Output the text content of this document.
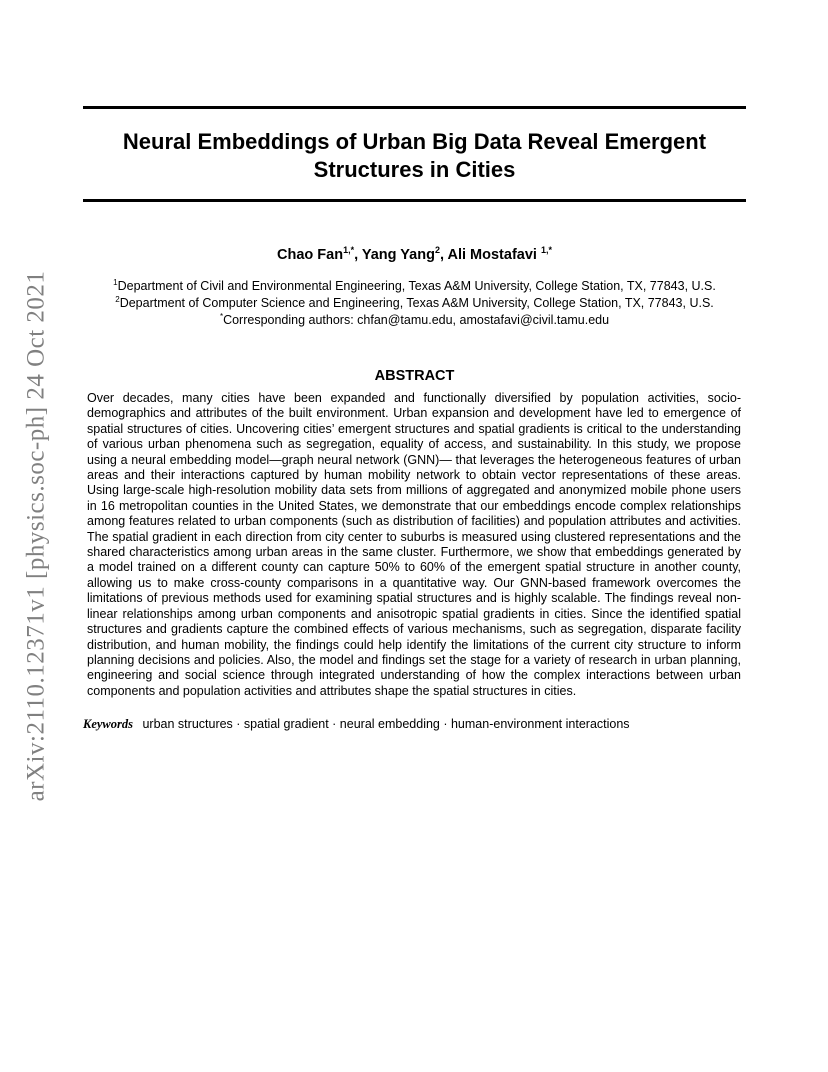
arXiv:2110.12371v1 [physics.soc-ph] 24 Oct 2021
Neural Embeddings of Urban Big Data Reveal Emergent
Structures in Cities
Chao Fan$^{1,*}$, Yang Yang$^2$, Ali Mostafavi $^{1,*}$
$^1$Department of Civil and Environmental Engineering, Texas A&M University, College Station, TX, 77843, U.S.
$^2$Department of Computer Science and Engineering, Texas A&M University, College Station, TX, 77843, U.S.
*Corresponding authors: chfan@tamu.edu, amostafavi@civil.tamu.edu
ABSTRACT

Over decades, many cities have been expanded and functionally diversified by population activities, socio-demographics and attributes of the built environment. Urban expansion and development have led to emergence of spatial structures of cities. Uncovering cities’ emergent structures and spatial gradients is critical to the understanding of various urban phenomena such as segregation, equality of access, and sustainability. In this study, we propose using a neural embedding model—graph neural network (GNN)— that leverages the heterogeneous features of urban areas and their interactions captured by human mobility network to obtain vector representations of these areas. Using large-scale high-resolution mobility data sets from millions of aggregated and anonymized mobile phone users in 16 metropolitan counties in the United States, we demonstrate that our embeddings encode complex relationships among features related to urban components (such as distribution of facilities) and population attributes and activities. The spatial gradient in each direction from city center to suburbs is measured using clustered representations and the shared characteristics among urban areas in the same cluster. Furthermore, we show that embeddings generated by a model trained on a different county can capture 50% to 60% of the emergent spatial structure in another county, allowing us to make cross-county comparisons in a quantitative way. Our GNN-based framework overcomes the limitations of previous methods used for examining spatial structures and is highly scalable. The findings reveal non-linear relationships among urban components and anisotropic spatial gradients in cities. Since the identified spatial structures and gradients capture the combined effects of various mechanisms, such as segregation, disparate facility distribution, and human mobility, the findings could help identify the limitations of the current city structure to inform planning decisions and policies. Also, the model and findings set the stage for a variety of research in urban planning, engineering and social science through integrated understanding of how the complex interactions between urban components and population activities and attributes shape the spatial structures in cities.

Keywords urban structures · spatial gradient · neural embedding · human-environment interactions
